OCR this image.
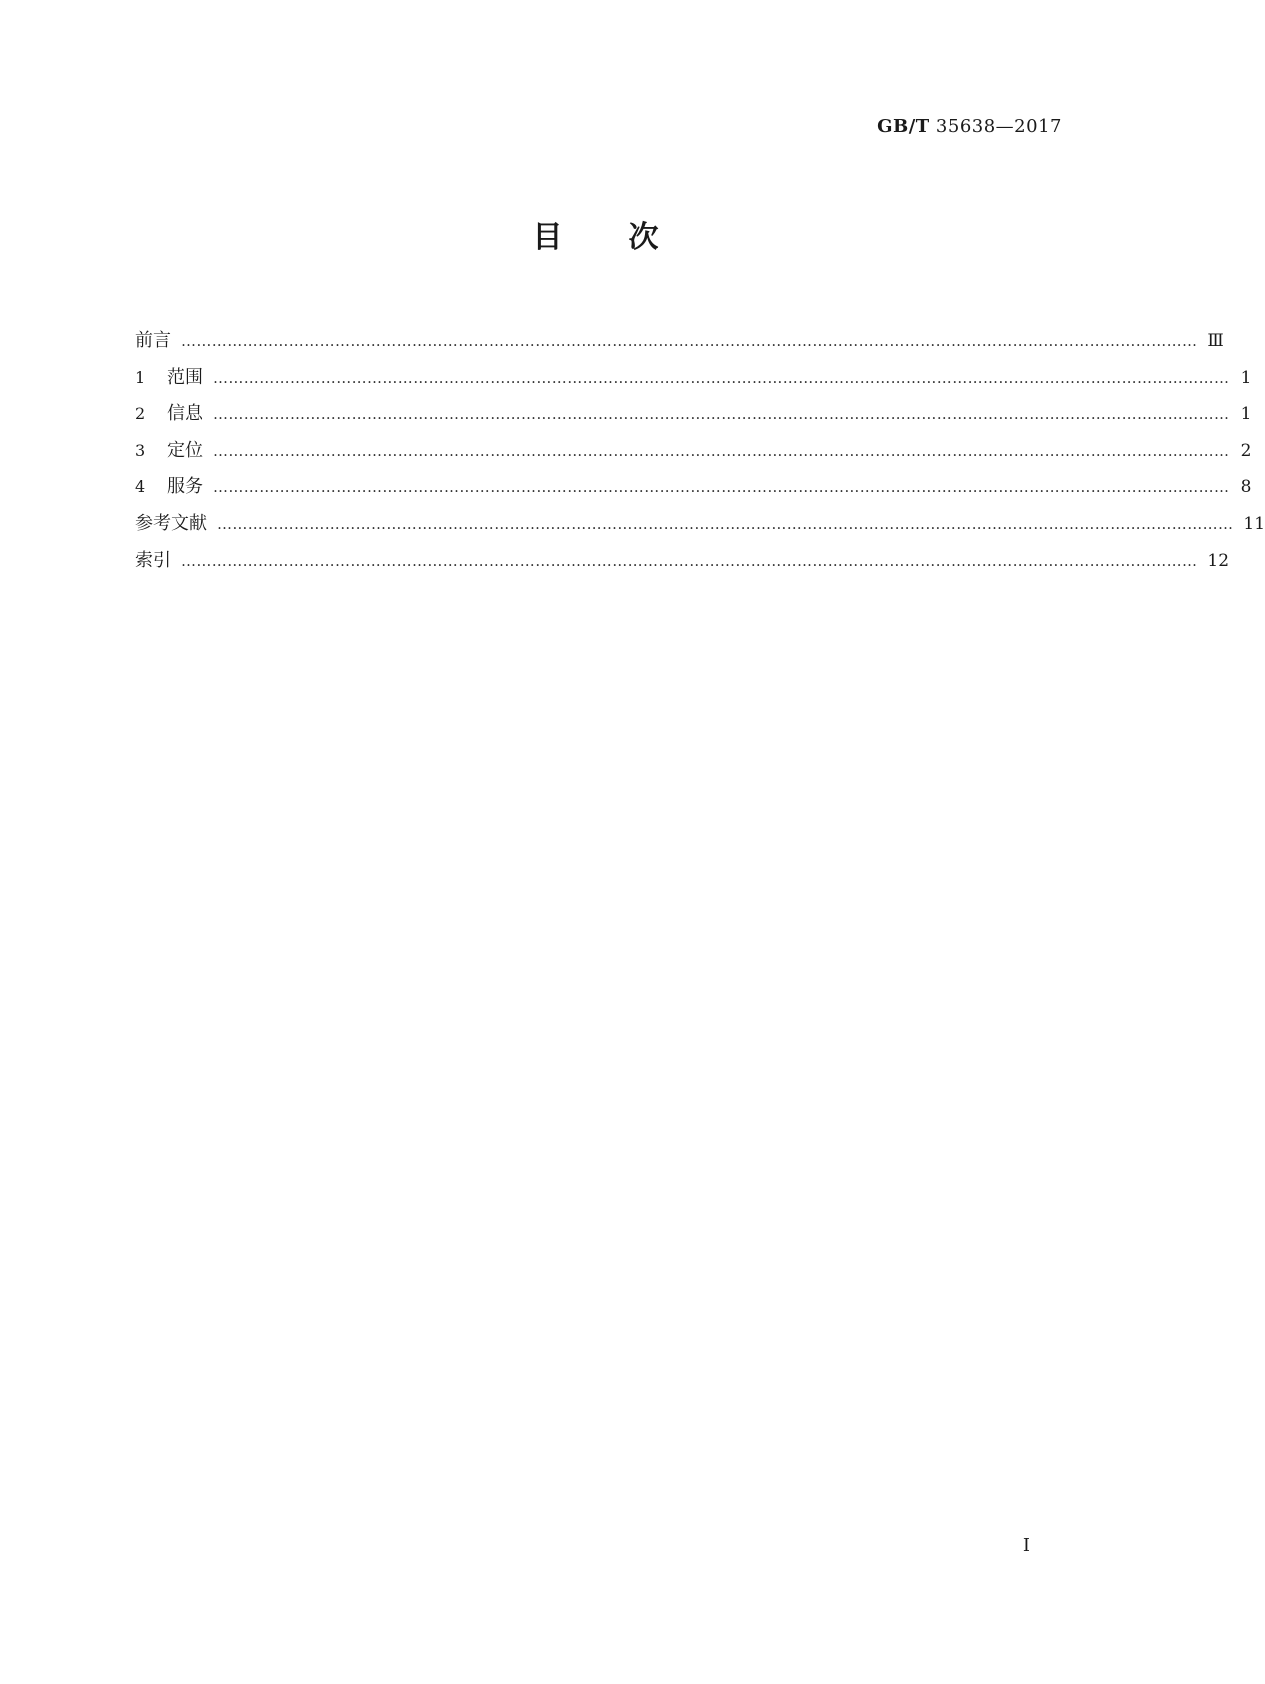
GB/T 35638—2017
目 次
前言 ……………………………………………………………………………………………………………………………………………………………………………… Ⅲ
1	范围 ……………………………………………………………………………………………………………………………………………………………………………… 1
2	信息 ……………………………………………………………………………………………………………………………………………………………………………… 1
3	定位 ……………………………………………………………………………………………………………………………………………………………………………… 2
4	服务 ……………………………………………………………………………………………………………………………………………………………………………… 8
参考文献 ……………………………………………………………………………………………………………………………………………………………………………… 11
索引 ……………………………………………………………………………………………………………………………………………………………………………… 12
Ⅰ
